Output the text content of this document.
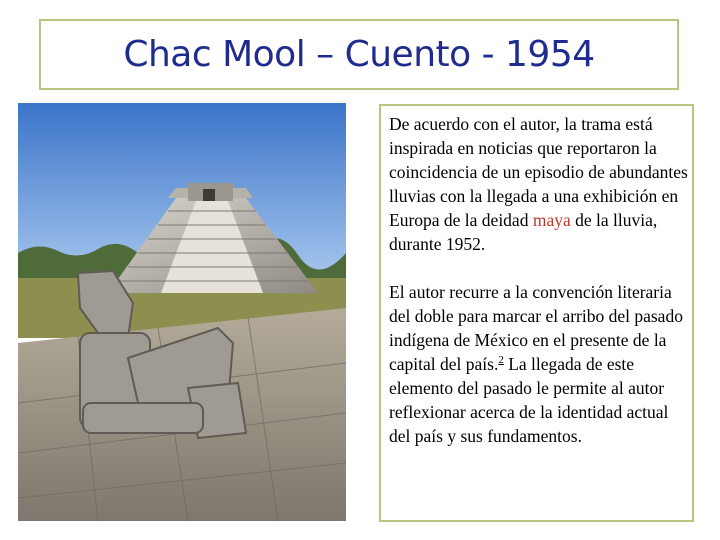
Chac Mool – Cuento - 1954

De acuerdo con el autor, la trama está inspirada en noticias que reportaron la coincidencia de un episodio de abundantes lluvias con la llegada a una exhibición en Europa de la deidad maya de la lluvia, durante 1952.

El autor recurre a la convención literaria del doble para marcar el arribo del pasado indígena de México en el presente de la capital del país.$^2$ La llegada de este elemento del pasado le permite al autor reflexionar acerca de la identidad actual del país y sus fundamentos.
